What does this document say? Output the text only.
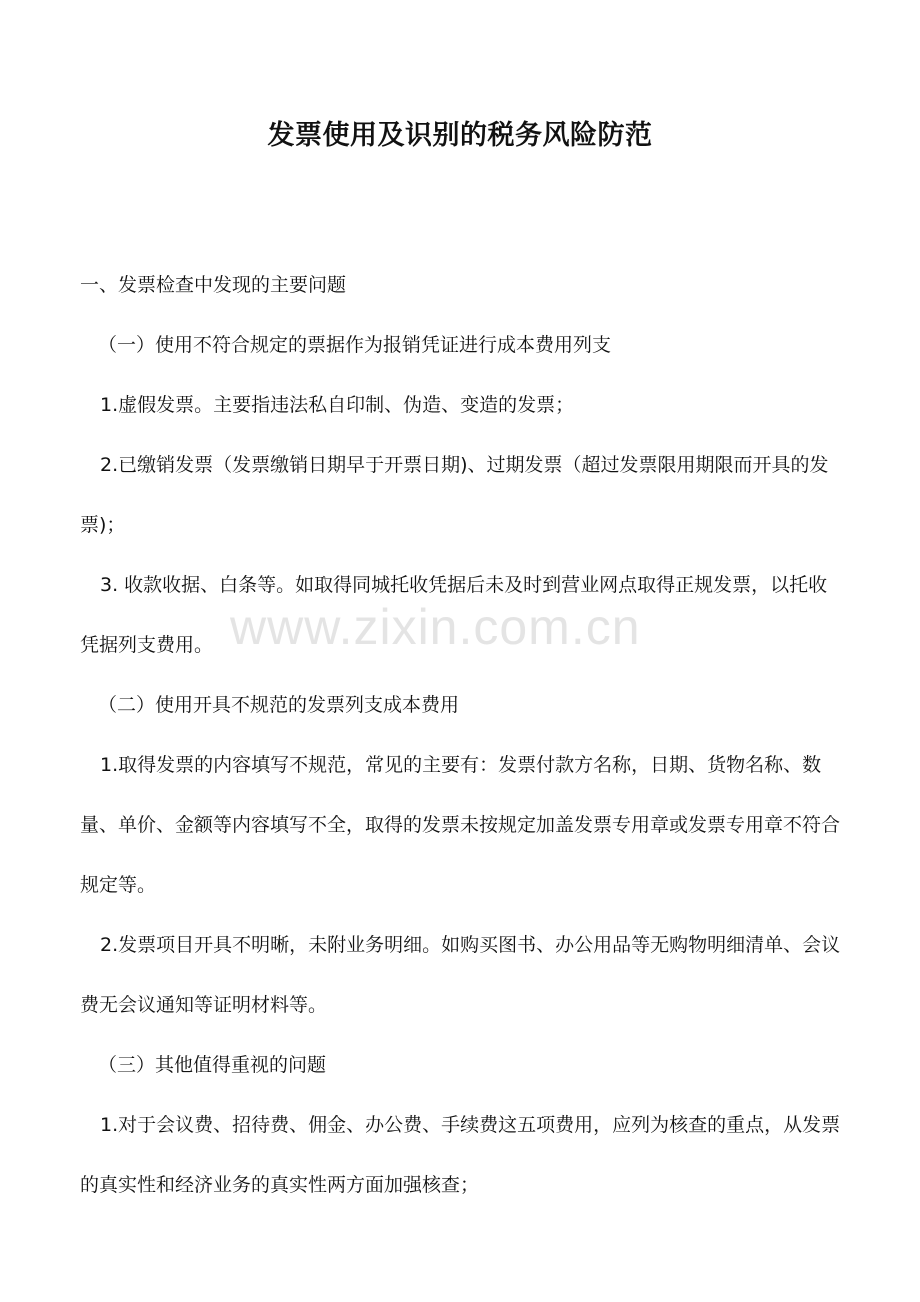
发票使用及识别的税务风险防范

一、发票检查中发现的主要问题

（一）使用不符合规定的票据作为报销凭证进行成本费用列支

1.虚假发票。主要指违法私自印制、伪造、变造的发票；

2.已缴销发票（发票缴销日期早于开票日期)、过期发票（超过发票限用期限而开具的发票)；

3. 收款收据、白条等。如取得同城托收凭据后未及时到营业网点取得正规发票，以托收凭据列支费用。

（二）使用开具不规范的发票列支成本费用

1.取得发票的内容填写不规范，常见的主要有：发票付款方名称，日期、货物名称、数量、单价、金额等内容填写不全，取得的发票未按规定加盖发票专用章或发票专用章不符合规定等。

2.发票项目开具不明晰，未附业务明细。如购买图书、办公用品等无购物明细清单、会议费无会议通知等证明材料等。

（三）其他值得重视的问题

1.对于会议费、招待费、佣金、办公费、手续费这五项费用，应列为核查的重点，从发票的真实性和经济业务的真实性两方面加强核查；

www.zixin.com.cn
